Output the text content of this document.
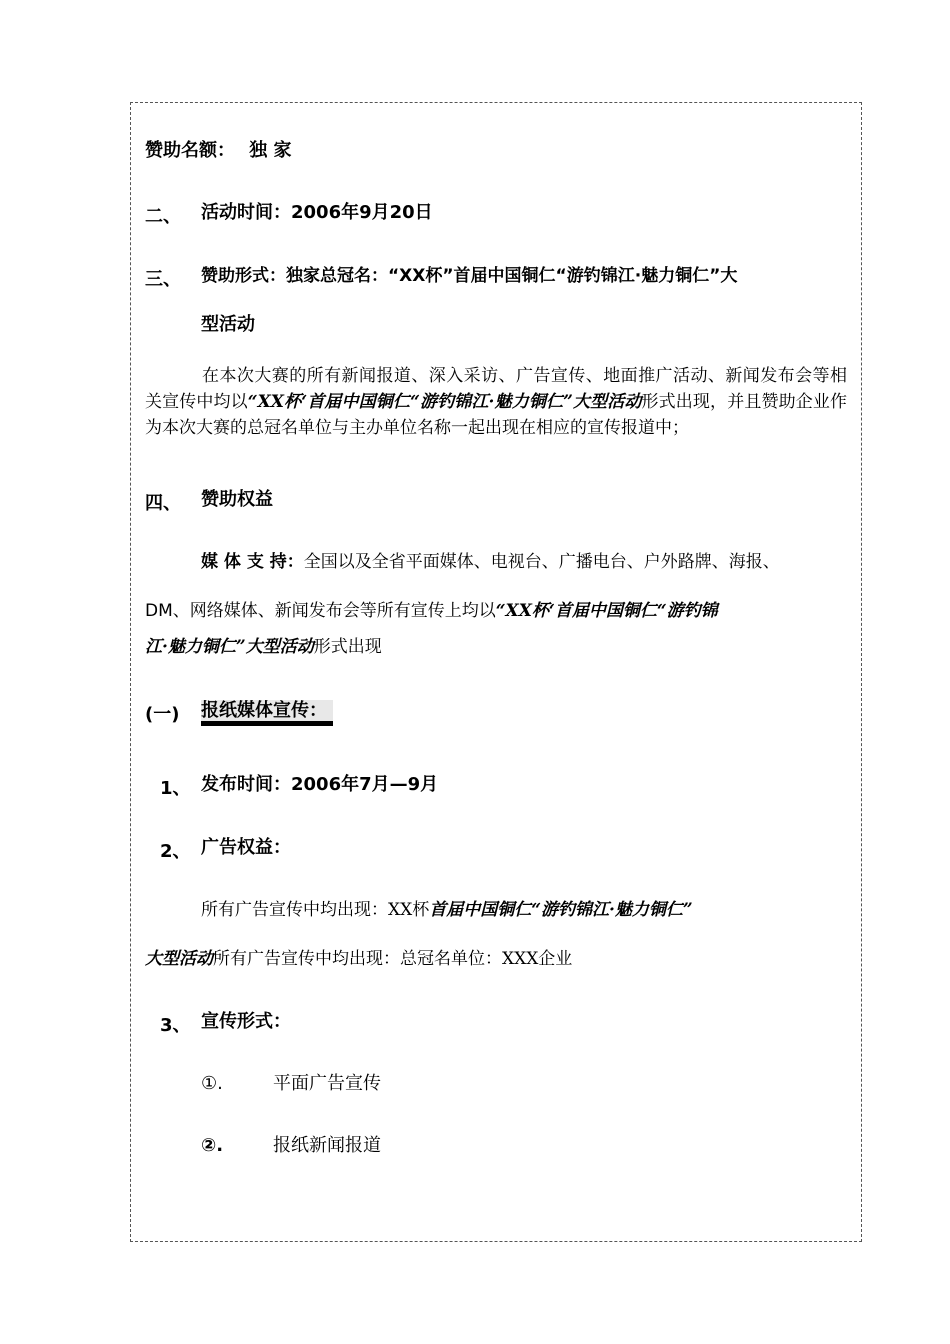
赞助名额： 独 家
二、 活动时间：2006年9月20日
三、 赞助形式：独家总冠名：“XX杯”首届中国铜仁“游钓锦江·魅力铜仁”大
型活动
在本次大赛的所有新闻报道、深入采访、广告宣传、地面推广活动、新闻发布会等相关宣传中均以“XX杯‘首届中国铜仁“游钓锦江·魅力铜仁”大型活动形式出现，并且赞助企业作为本次大赛的总冠名单位与主办单位名称一起出现在相应的宣传报道中；
四、 赞助权益
媒 体 支 持：全国以及全省平面媒体、电视台、广播电台、户外路牌、海报、
DM、网络媒体、新闻发布会等所有宣传上均以“XX杯‘首届中国铜仁“游钓锦
江·魅力铜仁”大型活动形式出现
(一) 报纸媒体宣传：
1、 发布时间：2006年7月—9月
2、 广告权益：
所有广告宣传中均出现：XX杯首届中国铜仁“游钓锦江·魅力铜仁”
大型活动所有广告宣传中均出现：总冠名单位：XXX企业
3、 宣传形式：
①.	平面广告宣传
②.	报纸新闻报道
